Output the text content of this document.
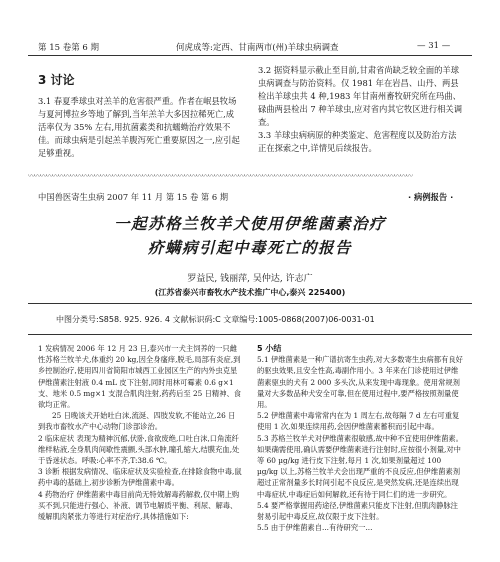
第 15 卷第 6 期	何虎成等:定西、甘南两市(州)羊球虫病调查	— 31 —
3 讨论

3.1 春夏季球虫对羔羊的危害很严重。作者在岷县牧场与夏河博拉乡等地了解到,当年羔羊大多因拉稀死亡,成活率仅为 35% 左右,用抗菌素类和抗蠕蚴治疗效果不佳。而球虫病是引起羔羊腹泻死亡重要原因之一,应引起足够重视。

3.2 据资料显示截止至目前,甘肃省尚缺乏较全面的羊球虫病调查与防治资料。仅 1981 年在岩昌、山丹、两县检出羊球虫共 4 种,1983 年甘南州畜牧研究所在玛曲、碌曲两县检出 7 种羊球虫,应对省内其它牧区进行相关调查。

3.3 羊球虫病病原的种类鉴定、危害程度以及防治方法正在探索之中,详情见后续报告。

〰〰〰〰〰〰〰〰〰〰〰〰〰〰〰〰〰〰〰〰〰〰〰〰〰〰〰〰〰〰〰〰〰〰〰〰〰〰〰〰〰〰〰〰〰〰〰〰〰〰〰〰〰〰〰〰〰〰〰〰〰〰〰〰
中国兽医寄生虫病 2007 年 11 月 第 15 卷 第 6 期	· 病例报告 ·
一起苏格兰牧羊犬使用伊维菌素治疗
疥螨病引起中毒死亡的报告
罗益民, 钱丽萍, 吴仲达, 许志广
(江苏省泰兴市畜牧水产技术推广中心,泰兴 225400)
中图分类号:S858. 925. 926. 4 文献标识码:C 文章编号:1005-0868(2007)06-0031-01

1 发病情况 2006 年 12 月 23 日,泰兴市一犬主饲养的一只雌性苏格兰牧羊犬,体重约 20 kg,因全身瘙痒,脱毛,局部有炎症,到乡控制治疗,使用四川省简阳市城西工业园区生产的内外虫克星伊维菌素注射液 0.4 mL 皮下注射,同时用林可霉素 0.6 g×1 支、地米 0.5 mg×1 支混合肌肉注射,药药后至 25 日精神、食欲均正常。

25 日晚该犬开始吐白沫,流涎、四肢发软,不能站立,26 日到我市畜牧水产中心动物门诊部诊治。

2 临床症状 表现为精神沉郁,伏卧,食欲废绝,口吐白沫,口角流纤维样粘液,全身肌肉间歇性震颤,头部水肿,瞳孔缩大,结膜充血,处于昏迷状态。呼吸:心率不齐,T:38.6 ℃。

3 诊断 根据发病情况、临床症状及实验检查,在排除食物中毒,鼠药中毒的基础上,初步诊断为伊维菌素中毒。

4 药物治疗 伊维菌素中毒目前尚无特效解毒药解救,仅中期上购买不到,只能进行强心、补液、调节电解质平衡、利尿、解毒、缓解肌肉紧张力等进行对症治疗,具体措施如下:

5 小结

5.1 伊维菌素是一种广谱抗寄生虫药,对大多数寄生虫病都有良好的驱虫效果,且安全性高,毒副作用小。3 年来在门诊使用过伊维菌素驱虫的犬有 2 000 多头次,从来发现中毒现象。使用常规剂量对大多数品种犬安全可靠,但在使用过程中,要严格按照剂量使用。

5.2 伊维菌素中毒常常内在为 1 周左右,故每隔 7 d 左右可重复使用 1 次,如果连续用药,会因伊维菌素蓄积而引起中毒。

5.3 苏格兰牧羊犬对伊维菌素很敏感,故中种不宜使用伊维菌素。如果确需使用,确认需要伊维菌素进行注射时,应按很小剂量,对中等 60 µg/kg 进行皮下注射,每月 1 次,如果剂量超过 100 µg/kg 以上,苏格兰牧羊犬会出现严重的不良反应,但伊维菌素剂超过正常剂量多长时间引起不良反应,是突然发病,还是连续出现中毒症状,中毒症后如何解救,还有待于同仁们的进一步研究。

5.4 要严格掌握用药途径,伊维菌素只能皮下注射,但肌肉静脉注射易引起中毒反应,故仅限于皮下注射。

5.5 由于伊维菌素自...有待研究一...
